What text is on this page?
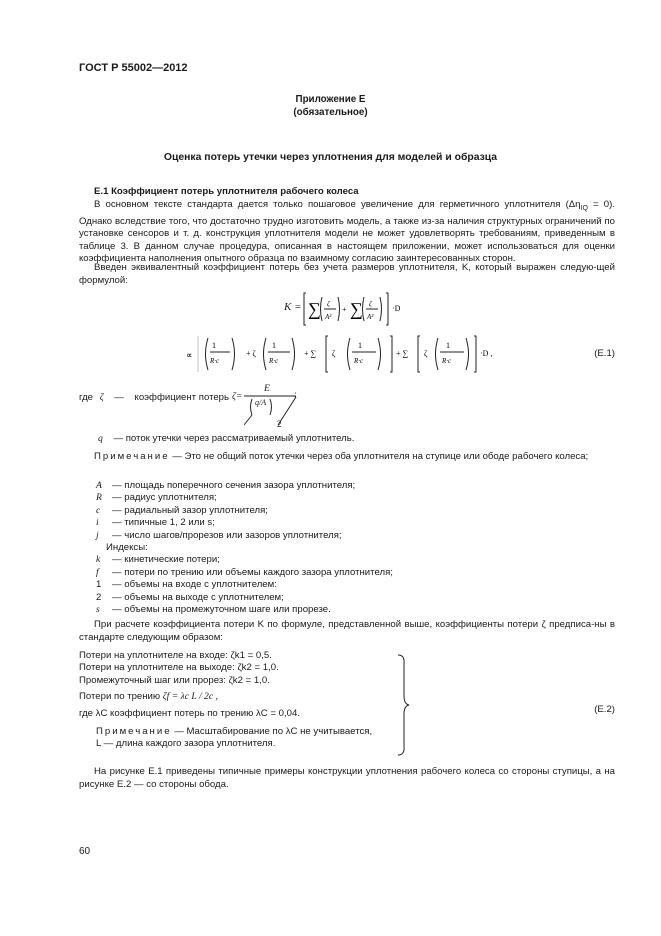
ГОСТ Р 55002—2012
Приложение Е
(обязательное)
Оценка потерь утечки через уплотнения для моделей и образца
Е.1 Коэффициент потерь уплотнителя рабочего колеса
В основном тексте стандарта дается только пошаговое увеличение для герметичного уплотнителя $(\Delta\eta_{IQ} = 0)$. Однако вследствие того, что достаточно трудно изготовить модель, а также из-за наличия структурных ограничений по установке сенсоров и т. д. конструкция уплотнителя модели не может удовлетворять требованиям, приведенным в таблице 3. В данном случае процедура, описанная в настоящем приложении, может использоваться для оценки коэффициента наполнения опытного образца по взаимному согласию заинтересованных сторон.
Введен эквивалентный коэффициент потерь без учета размеров уплотнителя, K, который выражен следую-щей формулой:
K = ∑ ζ
A²
+ ∑ ζ
A²
·D
∝
1
R·c
+ ζ
1
R·c
+ ∑ ζ
1
R·c
+ ∑ ζ
1
R·c
·D ,	(Е.1)
где ζ — коэффициент потерь ζ=
E
q/A
2
;
q — поток утечки через рассматриваемый уплотнитель.
Примечание — Это не общий поток утечки через оба уплотнителя на ступице или ободе рабочего колеса;
A — площадь поперечного сечения зазора уплотнителя;
R — радиус уплотнителя;
c — радиальный зазор уплотнителя;
i — типичные 1, 2 или s;
j — число шагов/прорезов или зазоров уплотнителя;
Индексы:
k — кинетические потери;
f — потери по трению или объемы каждого зазора уплотнителя;
1 — объемы на входе с уплотнителем:
2 — объемы на выходе с уплотнителем;
s — объемы на промежуточном шаге или прорезе.
При расчете коэффициента потери K по формуле, представленной выше, коэффициенты потери ζ предписа-ны в стандарте следующим образом:
Потери на уплотнителе на входе: ζk1 = 0,5.
Потери на уплотнителе на выходе: ζk2 = 1,0.
Промежуточный шаг или прорез: ζk2 = 1,0.
Потери по трению ζf = λc L / 2c ,
где λC коэффициент потерь по трению λC = 0,04.
Примечание — Масштабирование по λC не учитывается,
L — длина каждого зазора уплотнителя.
(Е.2)
На рисунке Е.1 приведены типичные примеры конструкции уплотнения рабочего колеса со стороны ступицы, а на рисунке Е.2 — со стороны обода.
60
